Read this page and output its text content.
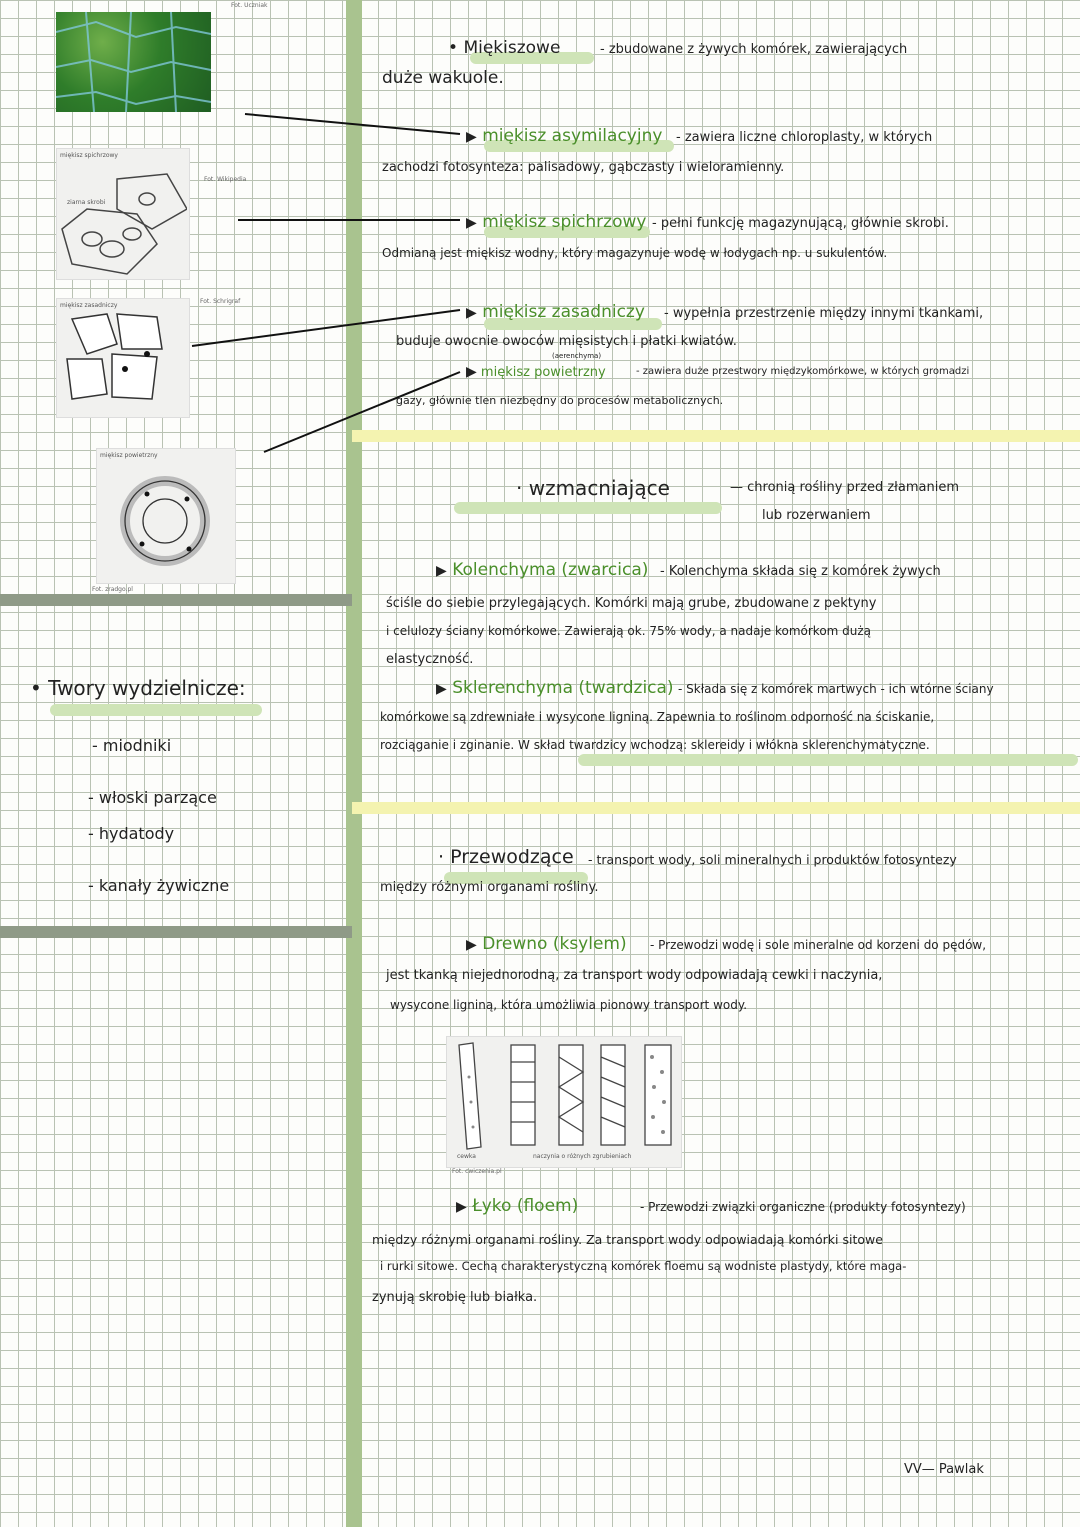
Fot. Uczniak
miękisz spichrzowy
ziarna skrobi
Fot. Wikipedia
miękisz zasadniczy
Fot. Schrigraf
miękisz powietrzny
Fot. zradgo.pl
• Miękiszowe	- zbudowane z żywych komórek, zawierających
duże wakuole.
▶ miękisz asymilacyjny - zawiera liczne chloroplasty, w których
zachodzi fotosynteza: palisadowy, gąbczasty i wieloramienny.
▶ miękisz spichrzowy - pełni funkcję magazynującą, głównie skrobi.
Odmianą jest miękisz wodny, który magazynuje wodę w łodygach np. u sukulentów.
▶ miękisz zasadniczy - wypełnia przestrzenie między innymi tkankami,
buduje owocnie owoców mięsistych i płatki kwiatów.
(aerenchyma)
▶ miękisz powietrzny	- zawiera duże przestwory międzykomórkowe, w których gromadzi
gazy, głównie tlen niezbędny do procesów metabolicznych.
· wzmacniające	— chronią rośliny przed złamaniem
lub rozerwaniem
▶ Kolenchyma (zwarcica) - Kolenchyma składa się z komórek żywych
ściśle do siebie przylegających. Komórki mają grube, zbudowane z pektyny
i celulozy ściany komórkowe. Zawierają ok. 75% wody, a nadaje komórkom dużą
elastyczność.
▶ Sklerenchyma (twardzica) - Składa się z komórek martwych - ich wtórne ściany
komórkowe są zdrewniałe i wysycone ligniną. Zapewnia to roślinom odporność na ściskanie,
rozciąganie i zginanie. W skład twardzicy wchodzą: sklereidy i włókna sklerenchymatyczne.
• Twory wydzielnicze:
- miodniki
- włoski parzące
- hydatody
- kanały żywiczne
· Przewodzące - transport wody, soli mineralnych i produktów fotosyntezy
między różnymi organami rośliny.
▶ Drewno (ksylem) - Przewodzi wodę i sole mineralne od korzeni do pędów,
jest tkanką niejednorodną, za transport wody odpowiadają cewki i naczynia,
wysycone ligniną, która umożliwia pionowy transport wody.
cewka	naczynia o różnych zgrubieniach
Fot. cwiczenia.pl
▶ Łyko (floem)	- Przewodzi związki organiczne (produkty fotosyntezy)
między różnymi organami rośliny. Za transport wody odpowiadają komórki sitowe
i rurki sitowe. Cechą charakterystyczną komórek floemu są wodniste plastydy, które maga-
zynują skrobię lub białka.
VV— Pawlak
